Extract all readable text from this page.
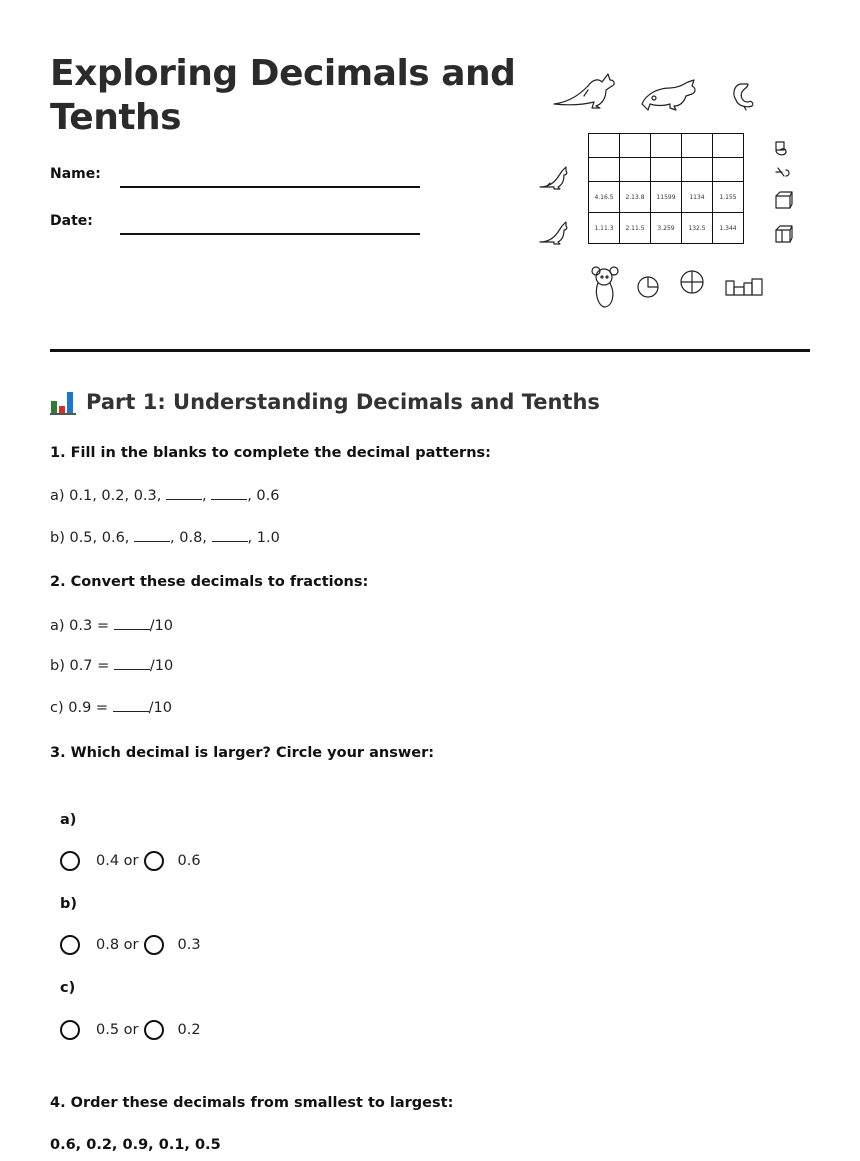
Exploring Decimals and Tenths
Name:
Date:

4.16.5	2.13.8	11599	1134	1.155
1.11.3	2.11.5	3.259	132.5	1.344
Part 1: Understanding Decimals and Tenths
1. Fill in the blanks to complete the decimal patterns:
a) 0.1, 0.2, 0.3, , , 0.6
b) 0.5, 0.6, , 0.8, , 1.0
2. Convert these decimals to fractions:
a) 0.3 = /10
b) 0.7 = /10
c) 0.9 = /10
3. Which decimal is larger? Circle your answer:
a)
0.4 or	0.6
b)
0.8 or	0.3
c)
0.5 or	0.2
4. Order these decimals from smallest to largest:
0.6, 0.2, 0.9, 0.1, 0.5
